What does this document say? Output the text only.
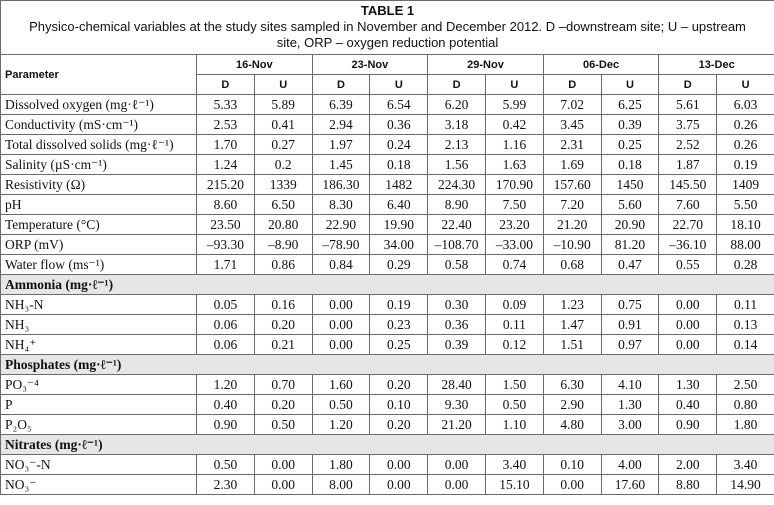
TABLE 1
Physico-chemical variables at the study sites sampled in November and December 2012. D –downstream site; U – upstream site, ORP – oxygen reduction potential										

Parameter	16-Nov		23-Nov		29-Nov		06-Dec		13-Dec	
	D	U	D	U	D	U	D	U	D	U
Dissolved oxygen (mg·ℓ⁻¹)	5.33	5.89	6.39	6.54	6.20	5.99	7.02	6.25	5.61	6.03
Conductivity (mS·cm⁻¹)	2.53	0.41	2.94	0.36	3.18	0.42	3.45	0.39	3.75	0.26
Total dissolved solids (mg·ℓ⁻¹)	1.70	0.27	1.97	0.24	2.13	1.16	2.31	0.25	2.52	0.26
Salinity (µS·cm⁻¹)	1.24	0.2	1.45	0.18	1.56	1.63	1.69	0.18	1.87	0.19
Resistivity (Ω)	215.20	1339	186.30	1482	224.30	170.90	157.60	1450	145.50	1409
pH	8.60	6.50	8.30	6.40	8.90	7.50	7.20	5.60	7.60	5.50
Temperature (°C)	23.50	20.80	22.90	19.90	22.40	23.20	21.20	20.90	22.70	18.10
ORP (mV)	–93.30	–8.90	–78.90	34.00	–108.70	–33.00	–10.90	81.20	–36.10	88.00
Water flow (ms⁻¹)	1.71	0.86	0.84	0.29	0.58	0.74	0.68	0.47	0.55	0.28
Ammonia (mg·ℓ⁻¹)										
NH₃-N	0.05	0.16	0.00	0.19	0.30	0.09	1.23	0.75	0.00	0.11
NH₃	0.06	0.20	0.00	0.23	0.36	0.11	1.47	0.91	0.00	0.13
NH₄⁺	0.06	0.21	0.00	0.25	0.39	0.12	1.51	0.97	0.00	0.14
Phosphates (mg·ℓ⁻¹)										
PO₃⁻⁴	1.20	0.70	1.60	0.20	28.40	1.50	6.30	4.10	1.30	2.50
P	0.40	0.20	0.50	0.10	9.30	0.50	2.90	1.30	0.40	0.80
P₂O₅	0.90	0.50	1.20	0.20	21.20	1.10	4.80	3.00	0.90	1.80
Nitrates (mg·ℓ⁻¹)										
NO₃⁻-N	0.50	0.00	1.80	0.00	0.00	3.40	0.10	4.00	2.00	3.40
NO₃⁻	2.30	0.00	8.00	0.00	0.00	15.10	0.00	17.60	8.80	14.90
